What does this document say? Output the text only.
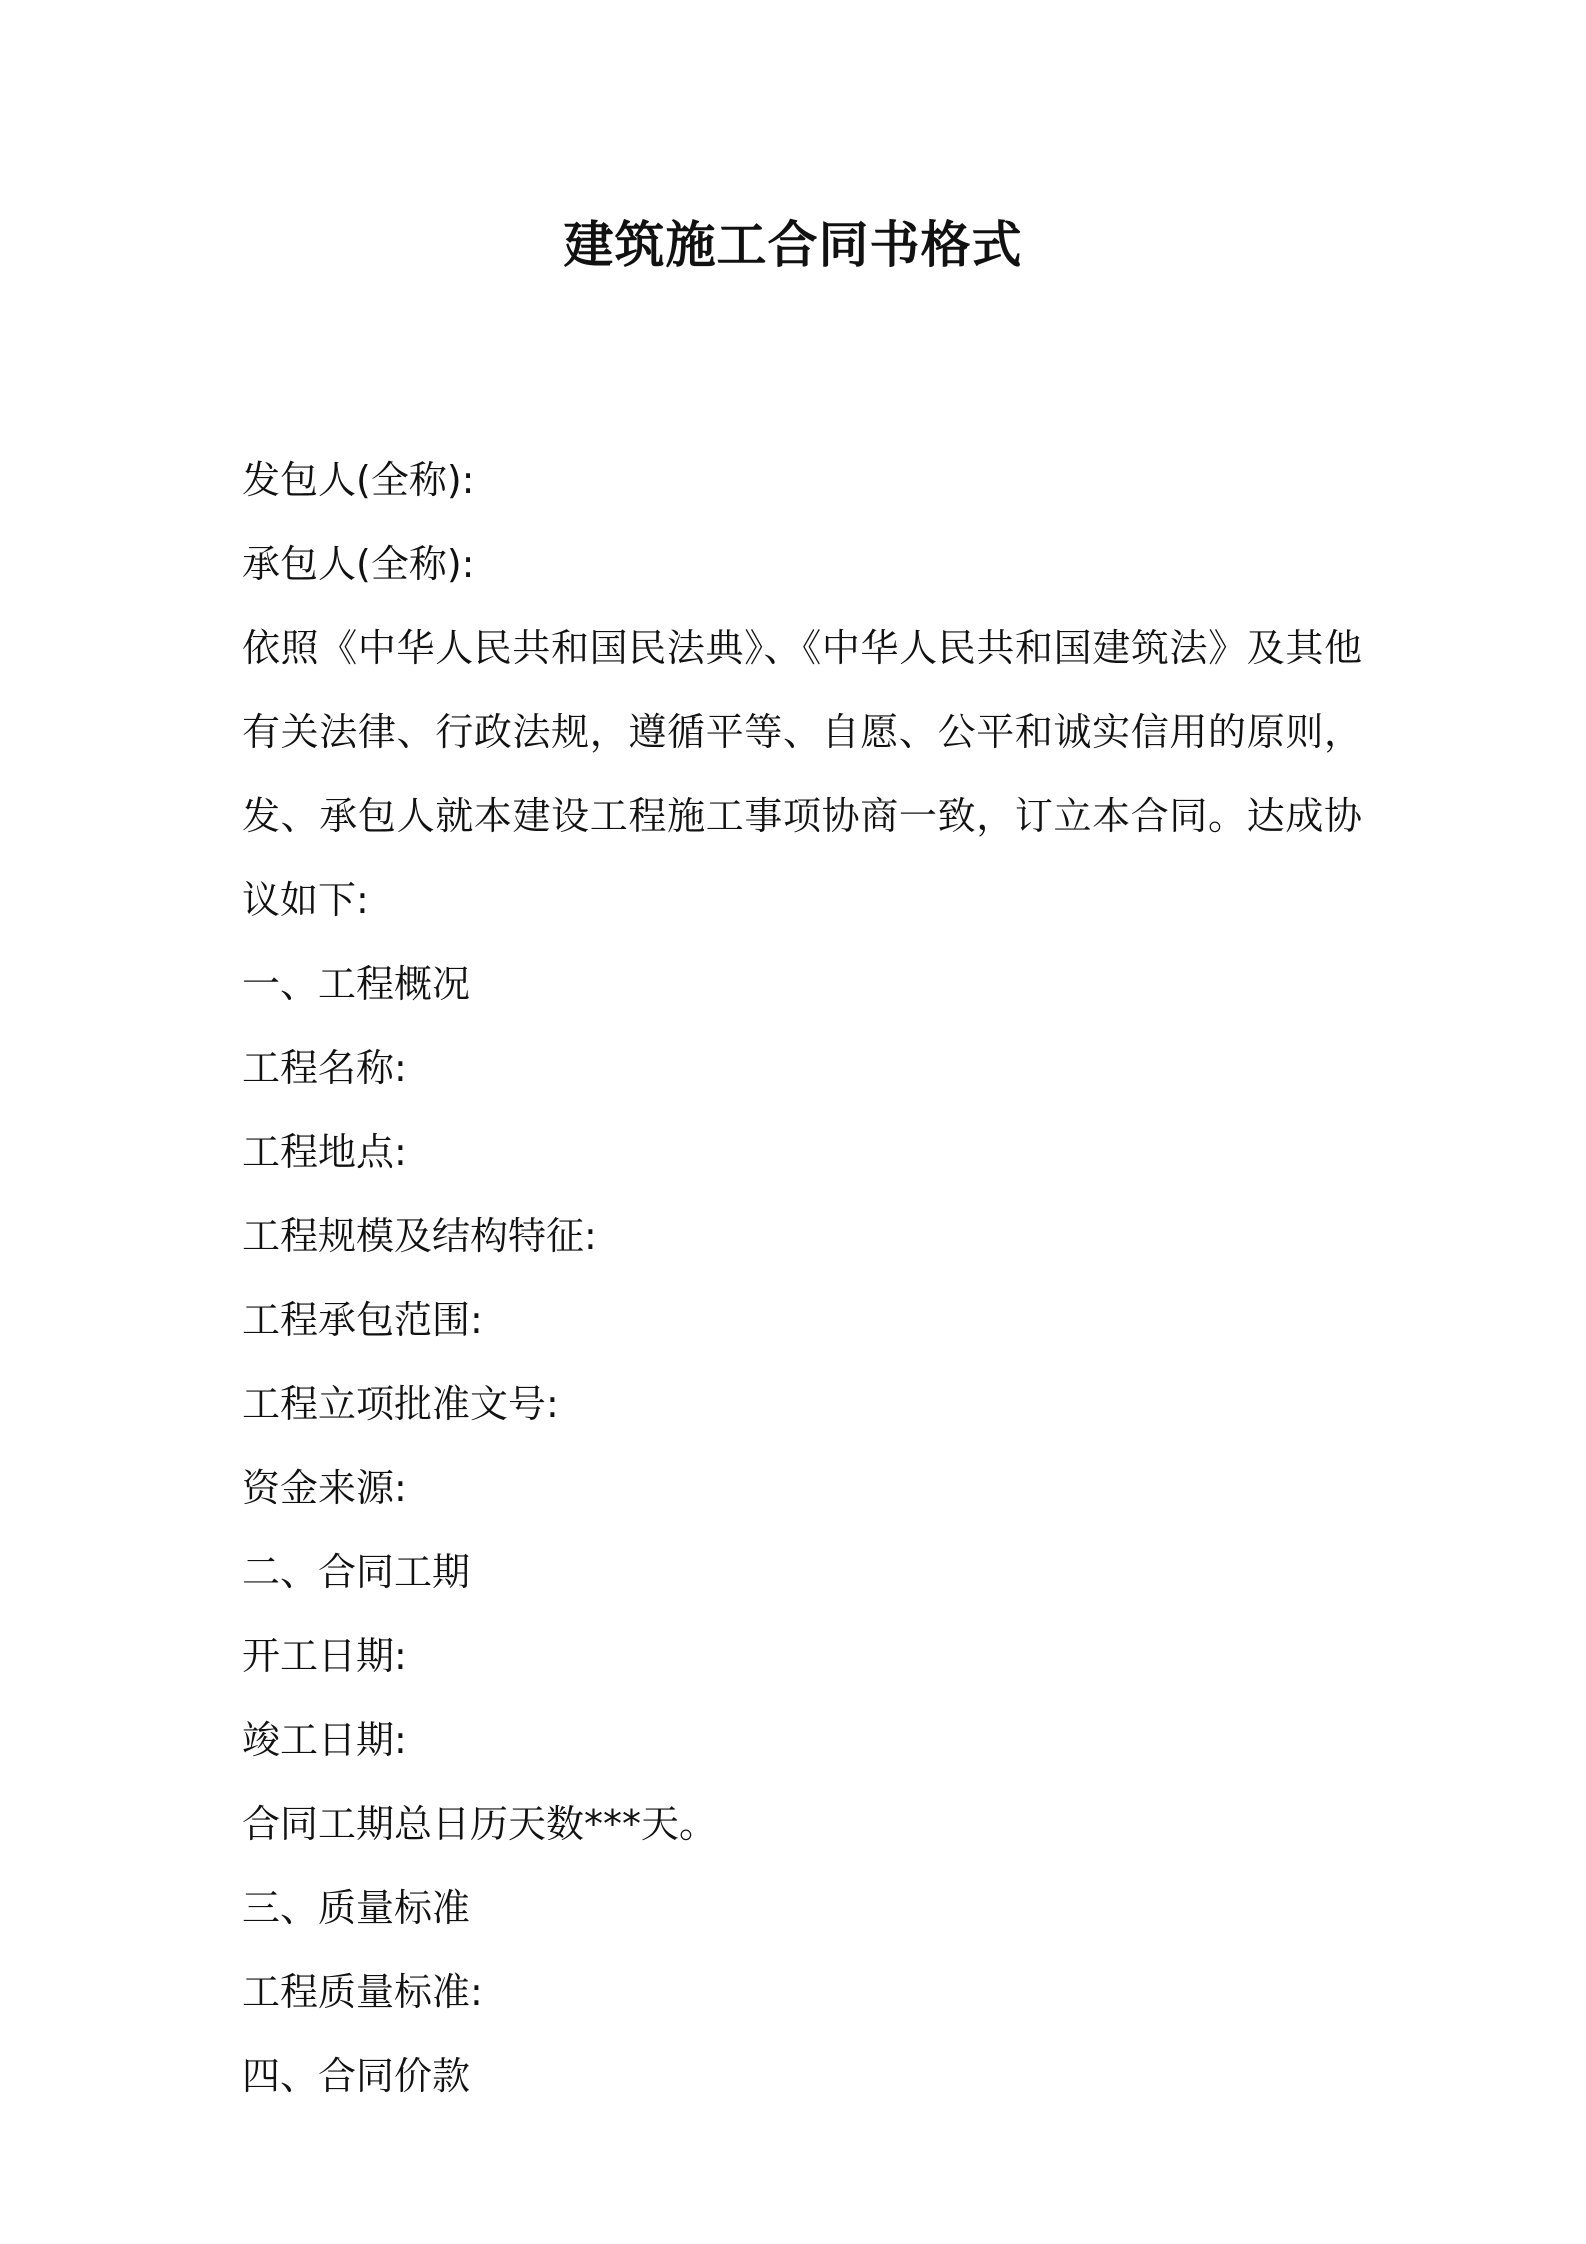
建筑施工合同书格式

发包人(全称):

承包人(全称):

依照《中华人民共和国民法典》、《中华人民共和国建筑法》及其他有关法律、行政法规，遵循平等、自愿、公平和诚实信用的原则，发、承包人就本建设工程施工事项协商一致，订立本合同。达成协议如下:

一、工程概况

工程名称:

工程地点:

工程规模及结构特征:

工程承包范围:

工程立项批准文号:

资金来源:

二、合同工期

开工日期:

竣工日期:

合同工期总日历天数***天。

三、质量标准

工程质量标准:

四、合同价款
